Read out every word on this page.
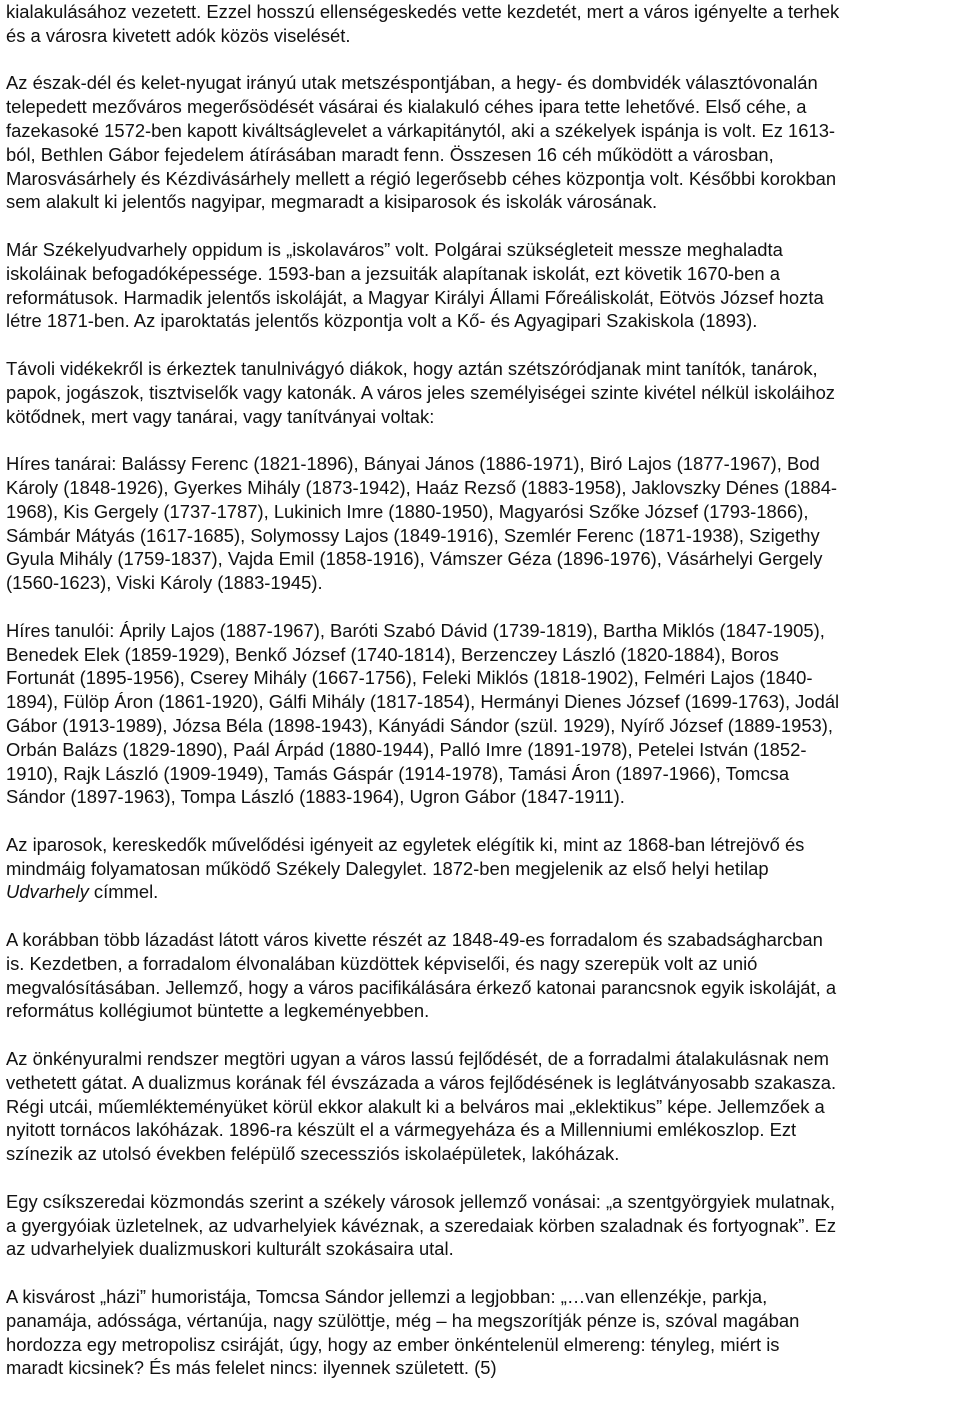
kialakulásához vezetett. Ezzel hosszú ellenségeskedés vette kezdetét, mert a város igényelte a terhek
és a városra kivetett adók közös viselését.

Az észak-dél és kelet-nyugat irányú utak metszéspontjában, a hegy- és dombvidék választóvonalán
telepedett mezőváros megerősödését vásárai és kialakuló céhes ipara tette lehetővé. Első céhe, a
fazekasoké 1572-ben kapott kiváltságlevelet a várkapitánytól, aki a székelyek ispánja is volt. Ez 1613-
ból, Bethlen Gábor fejedelem átírásában maradt fenn. Összesen 16 céh működött a városban,
Marosvásárhely és Kézdivásárhely mellett a régió legerősebb céhes központja volt. Későbbi korokban
sem alakult ki jelentős nagyipar, megmaradt a kisiparosok és iskolák városának.

Már Székelyudvarhely oppidum is „iskolaváros” volt. Polgárai szükségleteit messze meghaladta
iskoláinak befogadóképessége. 1593-ban a jezsuiták alapítanak iskolát, ezt követik 1670-ben a
reformátusok. Harmadik jelentős iskoláját, a Magyar Királyi Állami Főreáliskolát, Eötvös József hozta
létre 1871-ben. Az iparoktatás jelentős központja volt a Kő- és Agyagipari Szakiskola (1893).

Távoli vidékekről is érkeztek tanulnivágyó diákok, hogy aztán szétszóródjanak mint tanítók, tanárok,
papok, jogászok, tisztviselők vagy katonák. A város jeles személyiségei szinte kivétel nélkül iskoláihoz
kötődnek, mert vagy tanárai, vagy tanítványai voltak:

Híres tanárai: Balássy Ferenc (1821-1896), Bányai János (1886-1971), Biró Lajos (1877-1967), Bod
Károly (1848-1926), Gyerkes Mihály (1873-1942), Haáz Rezső (1883-1958), Jaklovszky Dénes (1884-
1968), Kis Gergely (1737-1787), Lukinich Imre (1880-1950), Magyarósi Szőke József (1793-1866),
Sámbár Mátyás (1617-1685), Solymossy Lajos (1849-1916), Szemlér Ferenc (1871-1938), Szigethy
Gyula Mihály (1759-1837), Vajda Emil (1858-1916), Vámszer Géza (1896-1976), Vásárhelyi Gergely
(1560-1623), Viski Károly (1883-1945).

Híres tanulói: Áprily Lajos (1887-1967), Baróti Szabó Dávid (1739-1819), Bartha Miklós (1847-1905),
Benedek Elek (1859-1929), Benkő József (1740-1814), Berzenczey László (1820-1884), Boros
Fortunát (1895-1956), Cserey Mihály (1667-1756), Feleki Miklós (1818-1902), Felméri Lajos (1840-
1894), Fülöp Áron (1861-1920), Gálfi Mihály (1817-1854), Hermányi Dienes József (1699-1763), Jodál
Gábor (1913-1989), Józsa Béla (1898-1943), Kányádi Sándor (szül. 1929), Nyírő József (1889-1953),
Orbán Balázs (1829-1890), Paál Árpád (1880-1944), Palló Imre (1891-1978), Petelei István (1852-
1910), Rajk László (1909-1949), Tamás Gáspár (1914-1978), Tamási Áron (1897-1966), Tomcsa
Sándor (1897-1963), Tompa László (1883-1964), Ugron Gábor (1847-1911).

Az iparosok, kereskedők művelődési igényeit az egyletek elégítik ki, mint az 1868-ban létrejövő és
mindmáig folyamatosan működő Székely Dalegylet. 1872-ben megjelenik az első helyi hetilap
Udvarhely címmel.

A korábban több lázadást látott város kivette részét az 1848-49-es forradalom és szabadságharcban
is. Kezdetben, a forradalom élvonalában küzdöttek képviselői, és nagy szerepük volt az unió
megvalósításában. Jellemző, hogy a város pacifikálására érkező katonai parancsnok egyik iskoláját, a
református kollégiumot büntette a legkeményebben.

Az önkényuralmi rendszer megtöri ugyan a város lassú fejlődését, de a forradalmi átalakulásnak nem
vethetett gátat. A dualizmus korának fél évszázada a város fejlődésének is leglátványosabb szakasza.
Régi utcái, műemlékteményüket körül ekkor alakult ki a belváros mai „eklektikus” képe. Jellemzőek a
nyitott tornácos lakóházak. 1896-ra készült el a vármegyeháza és a Millenniumi emlékoszlop. Ezt
színezik az utolsó években felépülő szecessziós iskolaépületek, lakóházak.

Egy csíkszeredai közmondás szerint a székely városok jellemző vonásai: „a szentgyörgyiek mulatnak,
a gyergyóiak üzletelnek, az udvarhelyiek kávéznak, a szeredaiak körben szaladnak és fortyognak”. Ez
az udvarhelyiek dualizmuskori kulturált szokásaira utal.

A kisvárost „házi” humoristája, Tomcsa Sándor jellemzi a legjobban: „…van ellenzékje, parkja,
panamája, adóssága, vértanúja, nagy szülöttje, még – ha megszorítják pénze is, szóval magában
hordozza egy metropolisz csiráját, úgy, hogy az ember önkéntelenül elmereng: tényleg, miért is
maradt kicsinek? És más felelet nincs: ilyennek született. (5)
